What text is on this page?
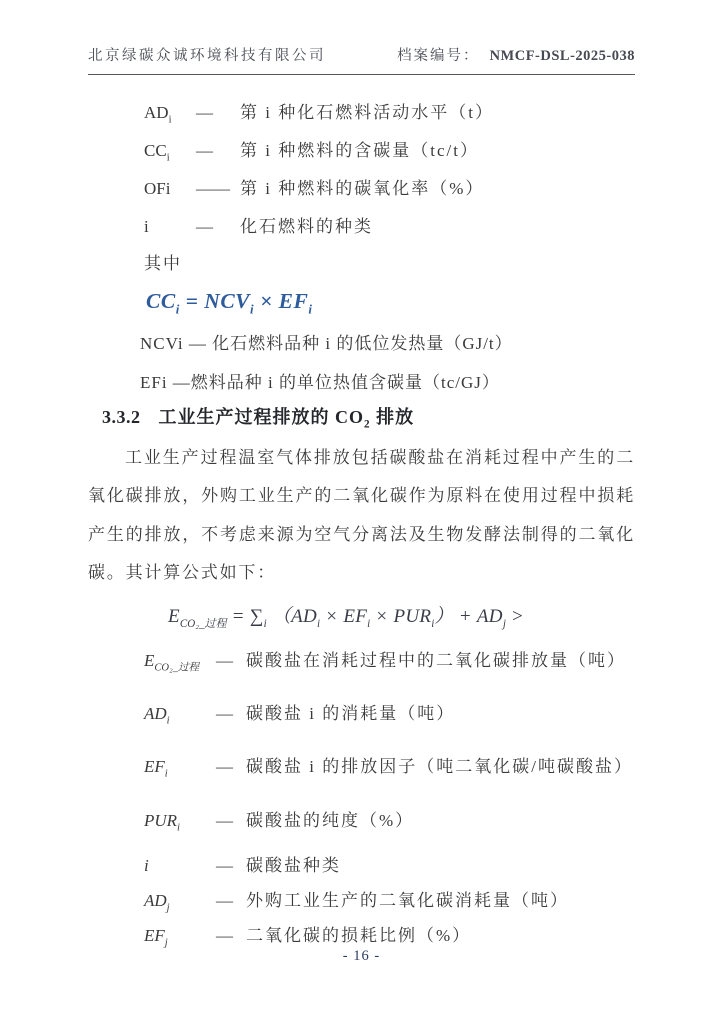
北京绿碳众诚环境科技有限公司	档案编号： NMCF-DSL-2025-038
$AD_i$	—	第 i 种化石燃料活动水平（t）
$CC_i$	—	第 i 种燃料的含碳量（tc/t）
OFi	—— 第 i 种燃料的碳氧化率（%）
i	—	化石燃料的种类
其中
$CC_i = NCV_i \times EF_i$
NCVi — 化石燃料品种 i 的低位发热量（GJ/t）
EFi —燃料品种 i 的单位热值含碳量（tc/GJ）
3.3.2 工业生产过程排放的 $CO_2$ 排放

工业生产过程温室气体排放包括碳酸盐在消耗过程中产生的二氧化碳排放，外购工业生产的二氧化碳作为原料在使用过程中损耗产生的排放，不考虑来源为空气分离法及生物发酵法制得的二氧化碳。其计算公式如下：

$E_{CO_2\_过程} = \sum_i$ $(AD_i \times EF_i \times PUR_i) + AD_j$ >
$E_{CO_2\_过程}$ — 碳酸盐在消耗过程中的二氧化碳排放量（吨）
$AD_i$	— 碳酸盐 i 的消耗量（吨）
$EF_i$	— 碳酸盐 i 的排放因子（吨二氧化碳/吨碳酸盐）
$PUR_i$	— 碳酸盐的纯度（%）
i	— 碳酸盐种类
$AD_j$	— 外购工业生产的二氧化碳消耗量（吨）
$EF_j$	— 二氧化碳的损耗比例（%）
- 16 -
